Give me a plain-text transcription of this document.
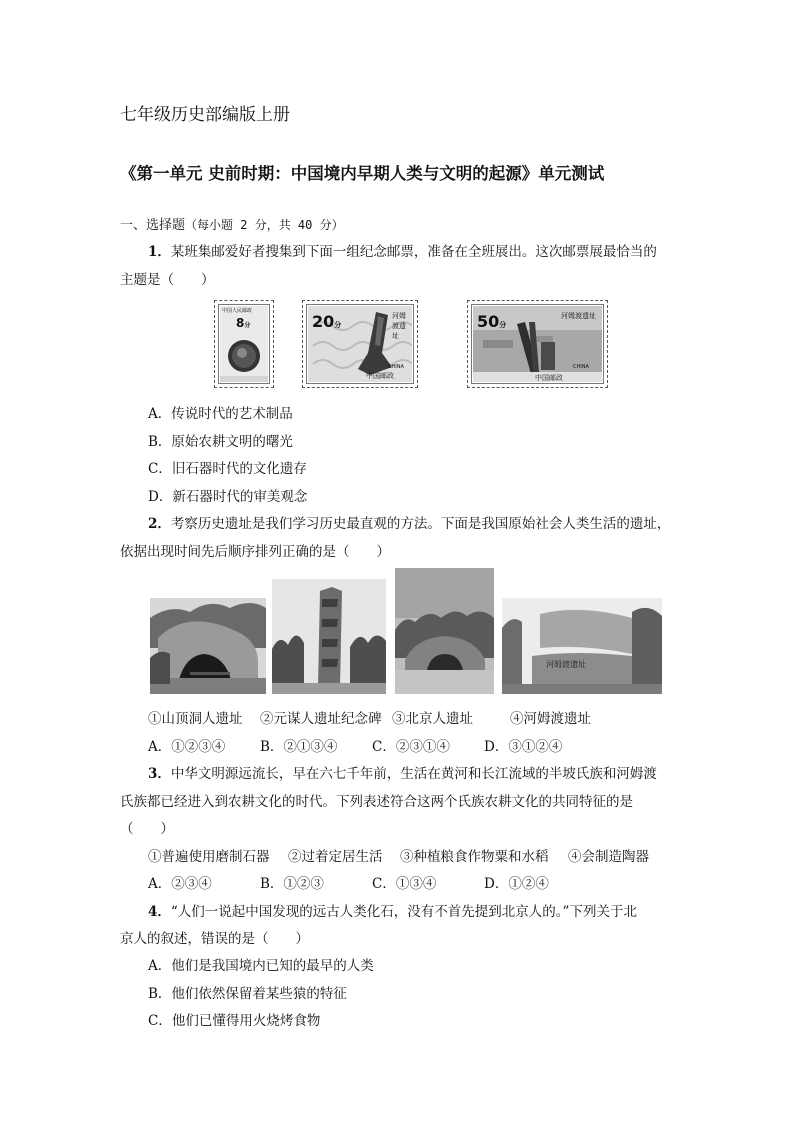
七年级历史部编版上册
《第一单元 史前时期：中国境内早期人类与文明的起源》单元测试
一、选择题（每小题 2 分，共 40 分）
1．某班集邮爱好者搜集到下面一组纪念邮票，准备在全班展出。这次邮票展最恰当的
主题是（　　）
中国人民邮政
8分	20分
河姆渡遗址
CHINA
中国邮政
50分
河姆渡遗址
CHINA
中国邮政
A．传说时代的艺术制品
B．原始农耕文明的曙光
C．旧石器时代的文化遗存
D．新石器时代的审美观念
2．考察历史遗址是我们学习历史最直观的方法。下面是我国原始社会人类生活的遗址，
依据出现时间先后顺序排列正确的是（　　）
河姆渡遗址
①山顶洞人遗址 ②元谋人遗址纪念碑 ③北京人遗址	④河姆渡遗址
A．①②③④	B．②①③④	C．②③①④	D．③①②④
3．中华文明源远流长，早在六七千年前，生活在黄河和长江流域的半坡氏族和河姆渡
氏族都已经进入到农耕文化的时代。下列表述符合这两个氏族农耕文化的共同特征的是
（　　）
①普遍使用磨制石器 ②过着定居生活 ③种植粮食作物粟和水稻 ④会制造陶器
A．②③④	B．①②③	C．①③④	D．①②④
4．“人们一说起中国发现的远古人类化石，没有不首先提到北京人的。”下列关于北
京人的叙述，错误的是（　　）
A．他们是我国境内已知的最早的人类
B．他们依然保留着某些猿的特征
C．他们已懂得用火烧烤食物
